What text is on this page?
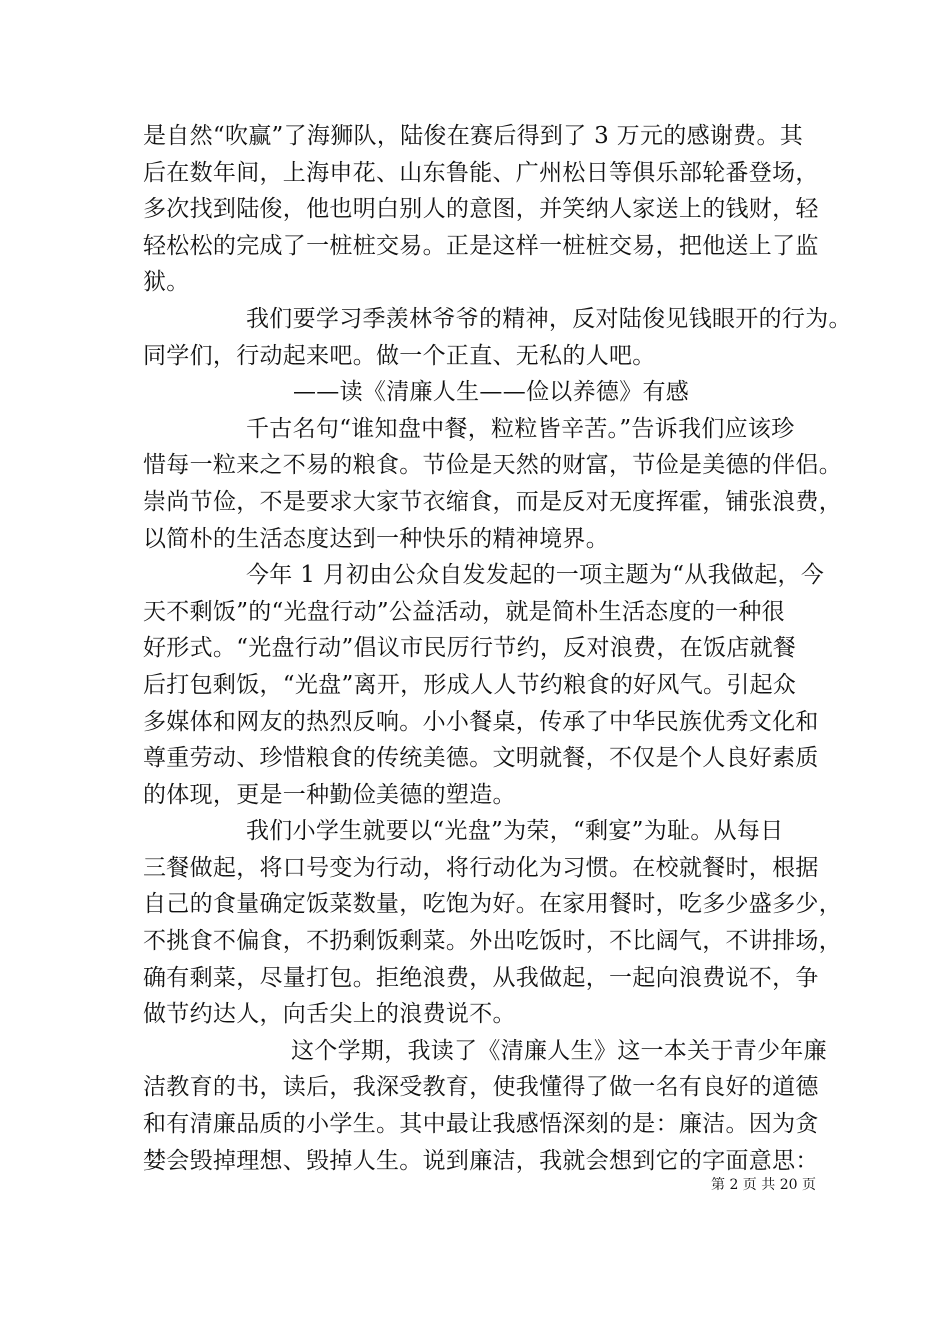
是自然“吹赢”了海狮队，陆俊在赛后得到了 3 万元的感谢费。其
后在数年间，上海申花、山东鲁能、广州松日等俱乐部轮番登场，
多次找到陆俊，他也明白别人的意图，并笑纳人家送上的钱财，轻
轻松松的完成了一桩桩交易。正是这样一桩桩交易，把他送上了监
狱。
我们要学习季羡林爷爷的精神，反对陆俊见钱眼开的行为。
同学们，行动起来吧。做一个正直、无私的人吧。
——读《清廉人生——俭以养德》有感
千古名句“谁知盘中餐，粒粒皆辛苦。”告诉我们应该珍
惜每一粒来之不易的粮食。节俭是天然的财富，节俭是美德的伴侣。
崇尚节俭，不是要求大家节衣缩食，而是反对无度挥霍，铺张浪费，
以简朴的生活态度达到一种快乐的精神境界。
今年 1 月初由公众自发发起的一项主题为“从我做起，今
天不剩饭”的“光盘行动”公益活动，就是简朴生活态度的一种很
好形式。“光盘行动”倡议市民厉行节约，反对浪费，在饭店就餐
后打包剩饭，“光盘”离开，形成人人节约粮食的好风气。引起众
多媒体和网友的热烈反响。小小餐桌，传承了中华民族优秀文化和
尊重劳动、珍惜粮食的传统美德。文明就餐，不仅是个人良好素质
的体现，更是一种勤俭美德的塑造。
我们小学生就要以“光盘”为荣，“剩宴”为耻。从每日
三餐做起，将口号变为行动，将行动化为习惯。在校就餐时，根据
自己的食量确定饭菜数量，吃饱为好。在家用餐时，吃多少盛多少，
不挑食不偏食，不扔剩饭剩菜。外出吃饭时，不比阔气，不讲排场，
确有剩菜，尽量打包。拒绝浪费，从我做起，一起向浪费说不，争
做节约达人，向舌尖上的浪费说不。
这个学期，我读了《清廉人生》这一本关于青少年廉
洁教育的书，读后，我深受教育，使我懂得了做一名有良好的道德
和有清廉品质的小学生。其中最让我感悟深刻的是：廉洁。因为贪
婪会毁掉理想、毁掉人生。说到廉洁，我就会想到它的字面意思：
第 2 页 共 20 页
